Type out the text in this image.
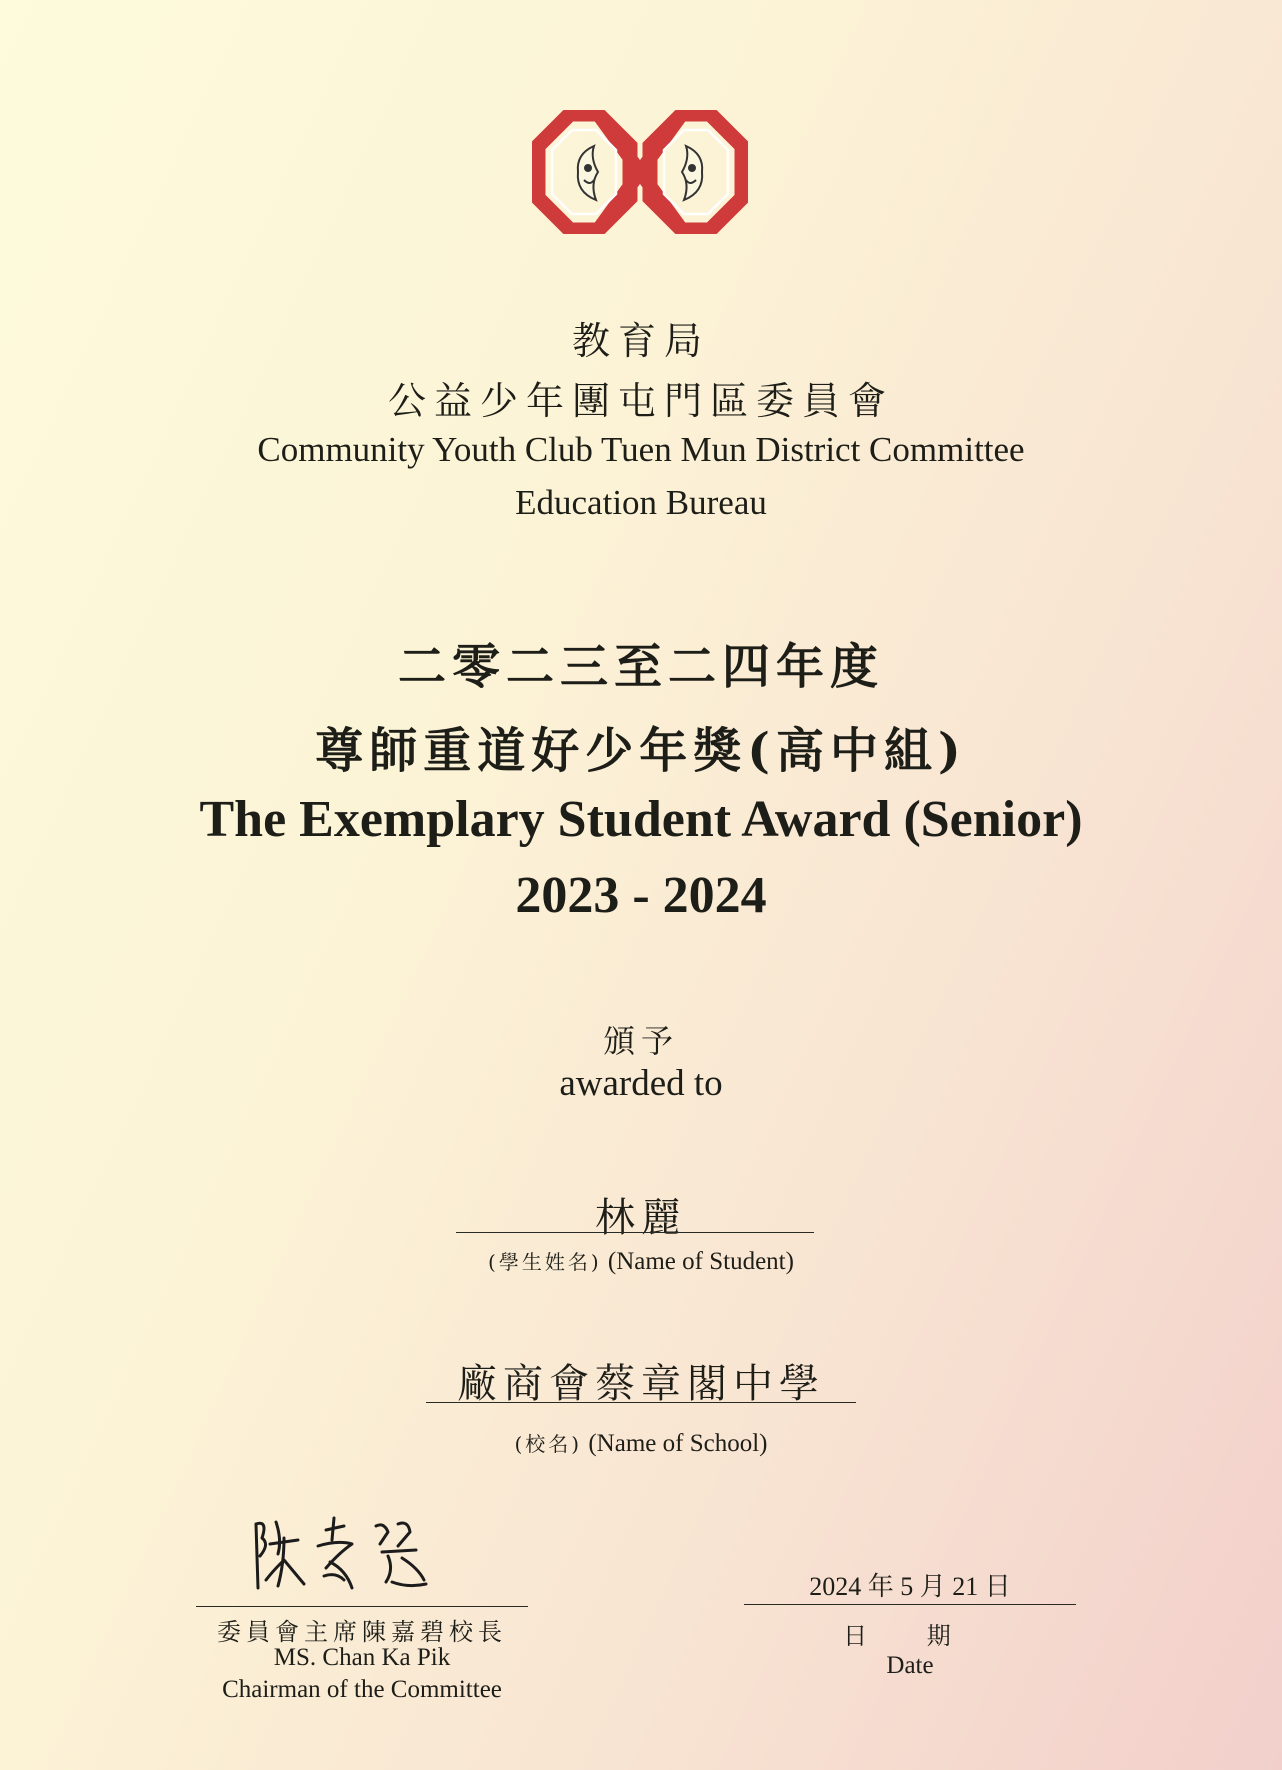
教育局
公益少年團屯門區委員會
Community Youth Club Tuen Mun District Committee
Education Bureau
二零二三至二四年度
尊師重道好少年獎(高中組)
The Exemplary Student Award (Senior)
2023 - 2024
頒予
awarded to
林麗
(學生姓名) (Name of Student)
廠商會蔡章閣中學
(校名) (Name of School)
委員會主席陳嘉碧校長
MS. Chan Ka Pik
Chairman of the Committee
2024 年 5 月 21 日
日 期
Date
